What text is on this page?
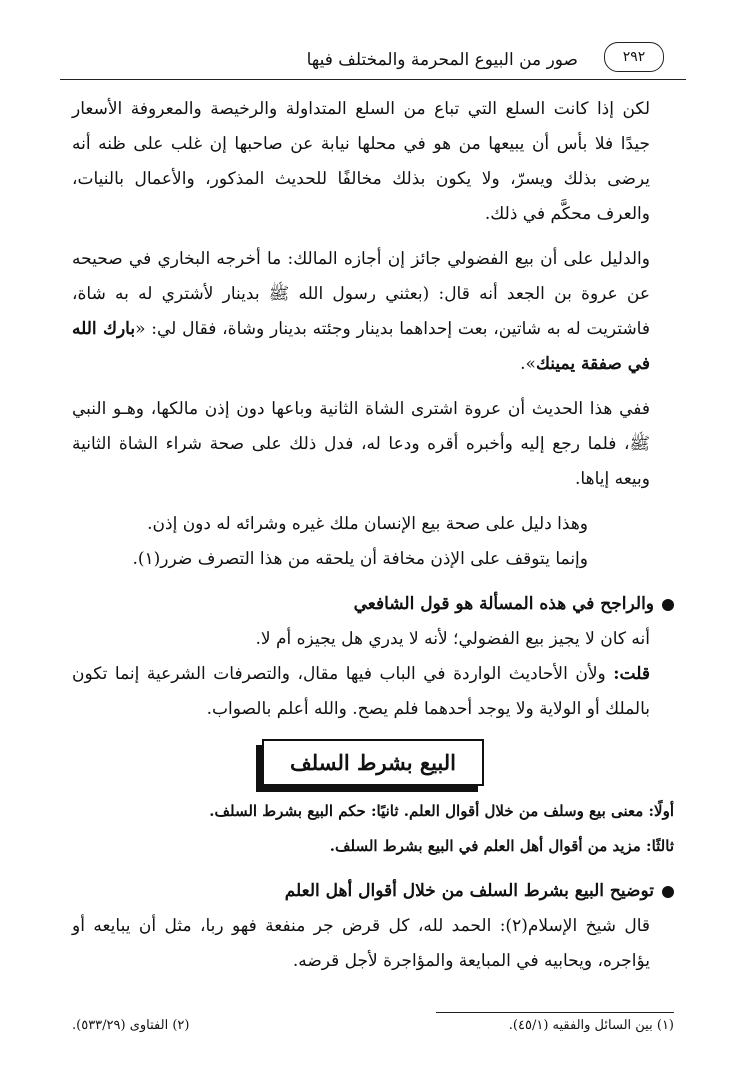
٢٩٢
صور من البيوع المحرمة والمختلف فيها

لكن إذا كانت السلع التي تباع من السلع المتداولة والرخيصة والمعروفة الأسعار جيدًا فلا بأس أن يبيعها من هو في محلها نيابة عن صاحبها إن غلب على ظنه أنه يرضى بذلك ويسرّ، ولا يكون بذلك مخالفًا للحديث المذكور، والأعمال بالنيات، والعرف محكَّم في ذلك.

والدليل على أن بيع الفضولي جائز إن أجازه المالك: ما أخرجه البخاري في صحيحه عن عروة بن الجعد أنه قال: (بعثني رسول الله ﷺ بدينار لأشتري له به شاة، فاشتريت له به شاتين، بعت إحداهما بدينار وجئته بدينار وشاة، فقال لي: «بارك الله في صفقة يمينك».

ففي هذا الحديث أن عروة اشترى الشاة الثانية وباعها دون إذن مالكها، وهـو النبي ﷺ، فلما رجع إليه وأخبره أقره ودعا له، فدل ذلك على صحة شراء الشاة الثانية وبيعه إياها.

وهذا دليل على صحة بيع الإنسان ملك غيره وشرائه له دون إذن.

وإنما يتوقف على الإذن مخافة أن يلحقه من هذا التصرف ضرر(١).

والراجح في هذه المسألة هو قول الشافعي

أنه كان لا يجيز بيع الفضولي؛ لأنه لا يدري هل يجيزه أم لا.

قلت: ولأن الأحاديث الواردة في الباب فيها مقال، والتصرفات الشرعية إنما تكون بالملك أو الولاية ولا يوجد أحدهما فلم يصح. والله أعلم بالصواب.

البيع بشرط السلف

أولًا: معنى بيع وسلف من خلال أقوال العلم. ثانيًا: حكم البيع بشرط السلف.

ثالثًا: مزيد من أقوال أهل العلم في البيع بشرط السلف.

توضيح البيع بشرط السلف من خلال أقوال أهل العلم

قال شيخ الإسلام(٢): الحمد لله، كل قرض جر منفعة فهو ربا، مثل أن يبايعه أو يؤاجره، ويحابيه في المبايعة والمؤاجرة لأجل قرضه.

(١) بين السائل والفقيه (٤٥/١).
(٢) الفتاوى (٥٣٣/٢٩).
